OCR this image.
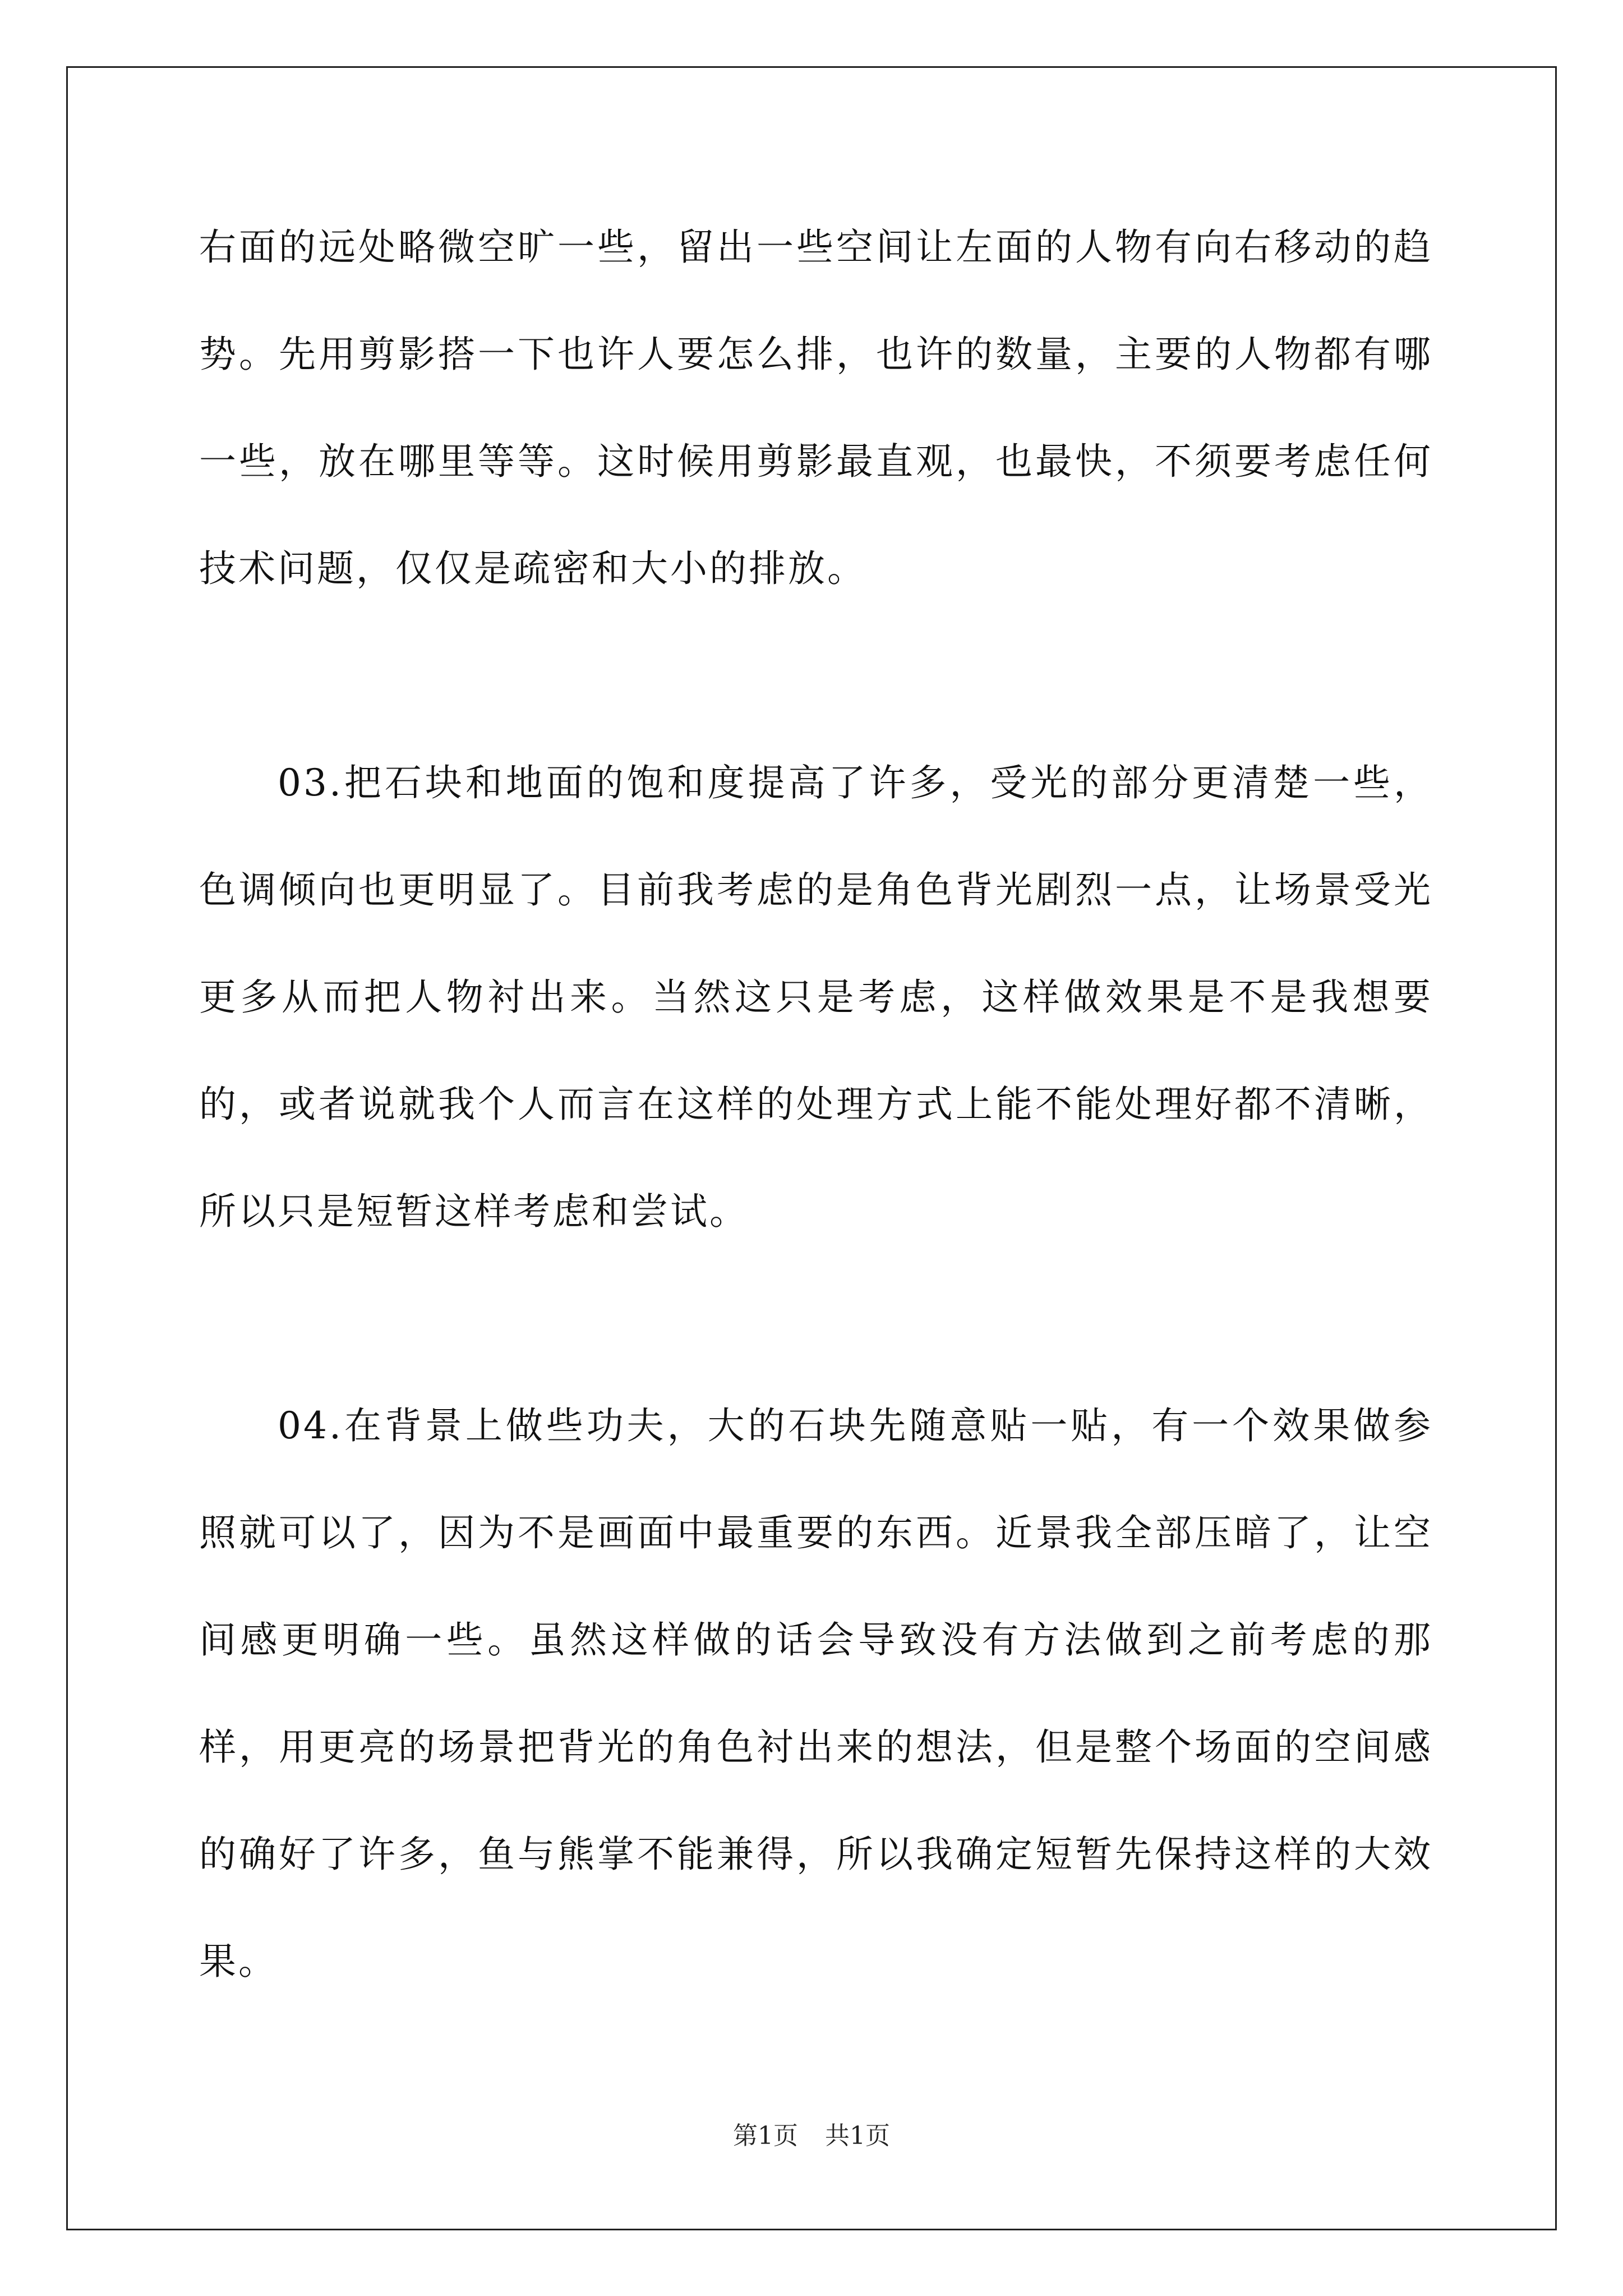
右面的远处略微空旷一些，留出一些空间让左面的人物有向右移动的趋势。先用剪影搭一下也许人要怎么排，也许的数量，主要的人物都有哪一些，放在哪里等等。这时候用剪影最直观，也最快，不须要考虑任何技术问题，仅仅是疏密和大小的排放。

03.把石块和地面的饱和度提高了许多，受光的部分更清楚一些，色调倾向也更明显了。目前我考虑的是角色背光剧烈一点，让场景受光更多从而把人物衬出来。当然这只是考虑，这样做效果是不是我想要的，或者说就我个人而言在这样的处理方式上能不能处理好都不清晰，所以只是短暂这样考虑和尝试。

04.在背景上做些功夫，大的石块先随意贴一贴，有一个效果做参照就可以了，因为不是画面中最重要的东西。近景我全部压暗了，让空间感更明确一些。虽然这样做的话会导致没有方法做到之前考虑的那样，用更亮的场景把背光的角色衬出来的想法，但是整个场面的空间感的确好了许多，鱼与熊掌不能兼得，所以我确定短暂先保持这样的大效果。

第1页 共1页
